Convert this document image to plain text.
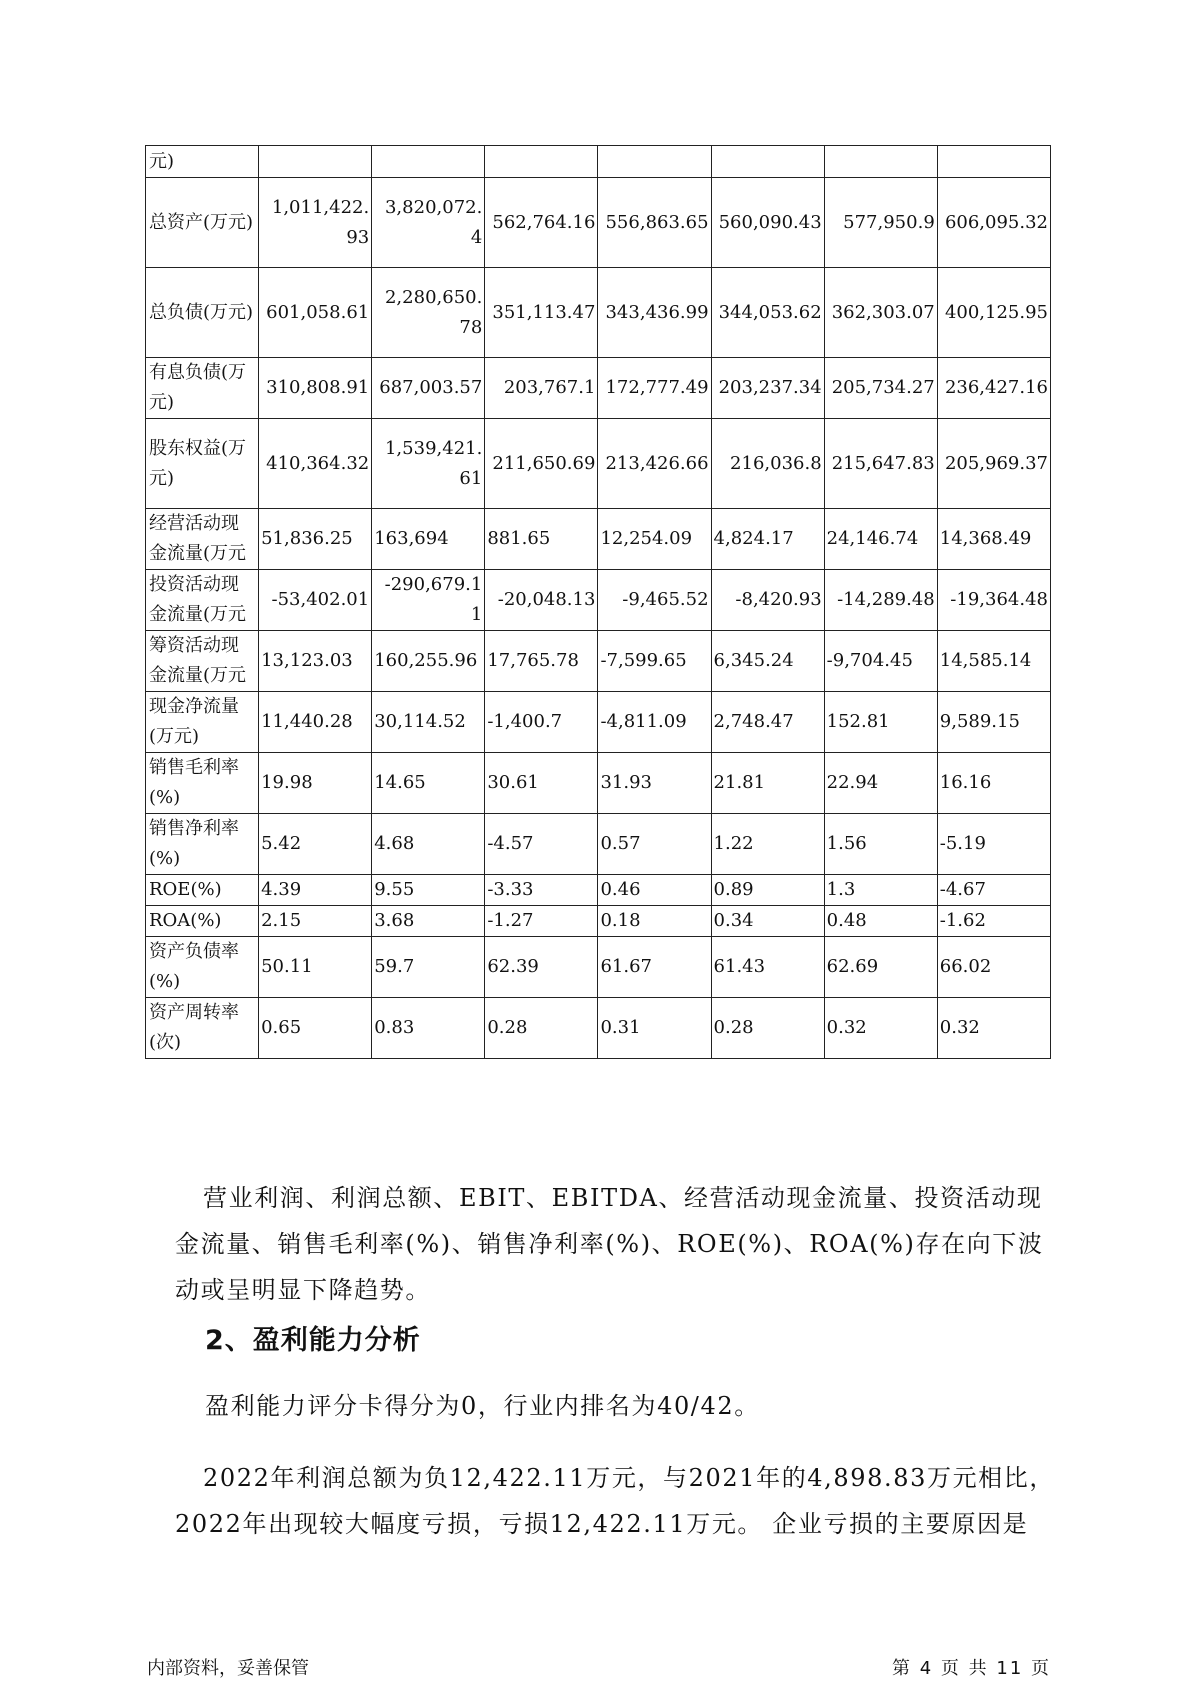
元)							
总资产(万元)	1,011,422.93	3,820,072.4	562,764.16	556,863.65	560,090.43	577,950.9	606,095.32
总负债(万元)	601,058.61	2,280,650.78	351,113.47	343,436.99	344,053.62	362,303.07	400,125.95
有息负债(万元)	310,808.91	687,003.57	203,767.1	172,777.49	203,237.34	205,734.27	236,427.16
股东权益(万元)	410,364.32	1,539,421.61	211,650.69	213,426.66	216,036.8	215,647.83	205,969.37
经营活动现金流量(万元	51,836.25	163,694	881.65	12,254.09	4,824.17	24,146.74	14,368.49
投资活动现金流量(万元	-53,402.01	-290,679.11	-20,048.13	-9,465.52	-8,420.93	-14,289.48	-19,364.48
筹资活动现金流量(万元	13,123.03	160,255.96	17,765.78	-7,599.65	6,345.24	-9,704.45	14,585.14
现金净流量(万元)	11,440.28	30,114.52	-1,400.7	-4,811.09	2,748.47	152.81	9,589.15
销售毛利率(%)	19.98	14.65	30.61	31.93	21.81	22.94	16.16
销售净利率(%)	5.42	4.68	-4.57	0.57	1.22	1.56	-5.19
ROE(%)	4.39	9.55	-3.33	0.46	0.89	1.3	-4.67
ROA(%)	2.15	3.68	-1.27	0.18	0.34	0.48	-1.62
资产负债率(%)	50.11	59.7	62.39	61.67	61.43	62.69	66.02
资产周转率(次)	0.65	0.83	0.28	0.31	0.28	0.32	0.32

营业利润、利润总额、EBIT、EBITDA、经营活动现金流量、投资活动现金流量、销售毛利率(%)、销售净利率(%)、ROE(%)、ROA(%)存在向下波动或呈明显下降趋势。

2、盈利能力分析

盈利能力评分卡得分为0，行业内排名为40/42。

2022年利润总额为负12,422.11万元，与2021年的4,898.83万元相比，2022年出现较大幅度亏损，亏损12,422.11万元。 企业亏损的主要原因是

内部资料，妥善保管	第 4 页 共 11 页
